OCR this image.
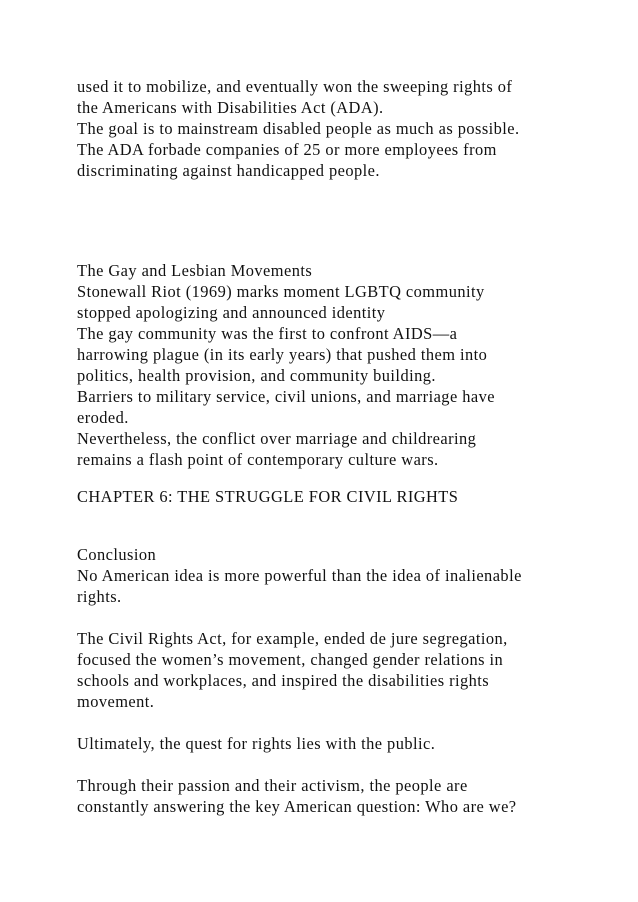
used it to mobilize, and eventually won the sweeping rights of
the Americans with Disabilities Act (ADA).
The goal is to mainstream disabled people as much as possible.
The ADA forbade companies of 25 or more employees from
discriminating against handicapped people.
The Gay and Lesbian Movements
Stonewall Riot (1969) marks moment LGBTQ community
stopped apologizing and announced identity
The gay community was the first to confront AIDS—a
harrowing plague (in its early years) that pushed them into
politics, health provision, and community building.
Barriers to military service, civil unions, and marriage have
eroded.
Nevertheless, the conflict over marriage and childrearing
remains a flash point of contemporary culture wars.
CHAPTER 6: THE STRUGGLE FOR CIVIL RIGHTS
Conclusion
No American idea is more powerful than the idea of inalienable
rights.
The Civil Rights Act, for example, ended de jure segregation,
focused the women’s movement, changed gender relations in
schools and workplaces, and inspired the disabilities rights
movement.
Ultimately, the quest for rights lies with the public.
Through their passion and their activism, the people are
constantly answering the key American question: Who are we?
